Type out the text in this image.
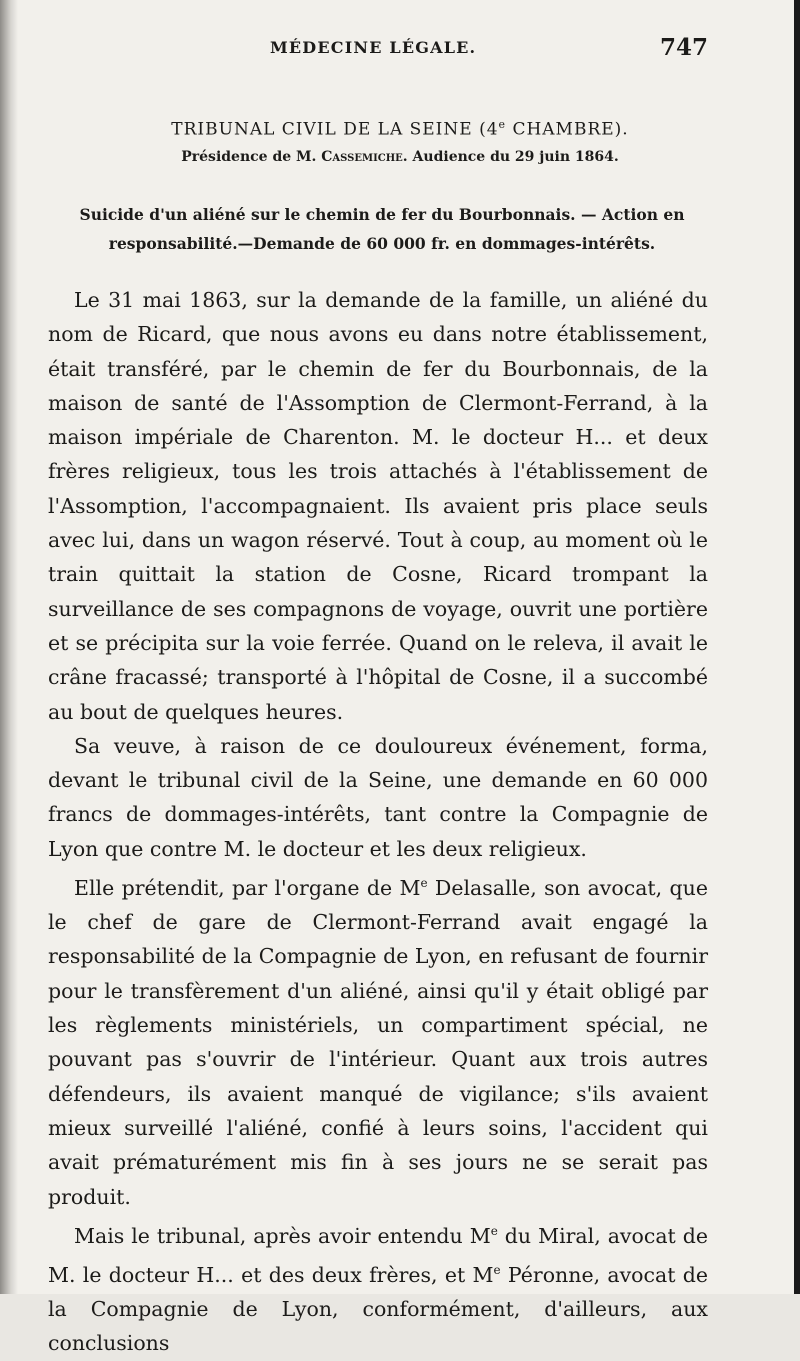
MÉDECINE LÉGALE.	747
TRIBUNAL CIVIL DE LA SEINE (4e CHAMBRE).
Présidence de M. Cassemiche. Audience du 29 juin 1864.
Suicide d'un aliéné sur le chemin de fer du Bourbonnais. — Action en responsabilité.—Demande de 60 000 fr. en dommages-intérêts.

Le 31 mai 1863, sur la demande de la famille, un aliéné du nom de Ricard, que nous avons eu dans notre établissement, était transféré, par le chemin de fer du Bourbonnais, de la maison de santé de l'Assomption de Clermont-Ferrand, à la maison impériale de Charenton. M. le docteur H... et deux frères religieux, tous les trois attachés à l'établissement de l'Assomption, l'accompagnaient. Ils avaient pris place seuls avec lui, dans un wagon réservé. Tout à coup, au moment où le train quittait la station de Cosne, Ricard trompant la surveillance de ses compagnons de voyage, ouvrit une portière et se précipita sur la voie ferrée. Quand on le releva, il avait le crâne fracassé; transporté à l'hôpital de Cosne, il a succombé au bout de quelques heures.

Sa veuve, à raison de ce douloureux événement, forma, devant le tribunal civil de la Seine, une demande en 60 000 francs de dommages-intérêts, tant contre la Compagnie de Lyon que contre M. le docteur et les deux religieux.

Elle prétendit, par l'organe de Me Delasalle, son avocat, que le chef de gare de Clermont-Ferrand avait engagé la responsabilité de la Compagnie de Lyon, en refusant de fournir pour le transfèrement d'un aliéné, ainsi qu'il y était obligé par les règlements ministériels, un compartiment spécial, ne pouvant pas s'ouvrir de l'intérieur. Quant aux trois autres défendeurs, ils avaient manqué de vigilance; s'ils avaient mieux surveillé l'aliéné, confié à leurs soins, l'accident qui avait prématurément mis fin à ses jours ne se serait pas produit.

Mais le tribunal, après avoir entendu Me du Miral, avocat de M. le docteur H... et des deux frères, et Me Péronne, avocat de la Compagnie de Lyon, conformément, d'ailleurs, aux conclusions
